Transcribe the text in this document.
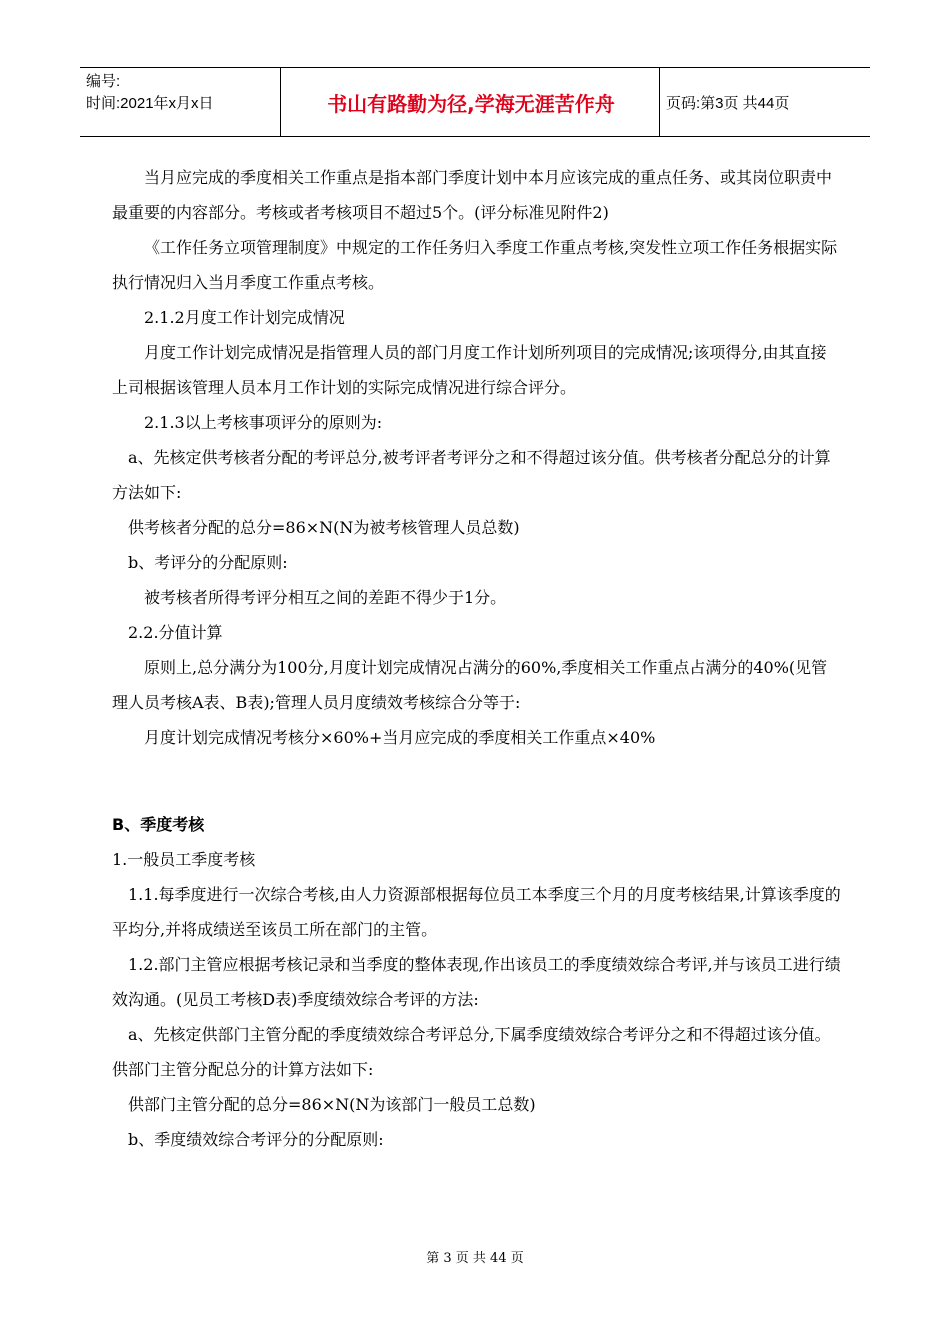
编号:
时间:2021年x月x日	书山有路勤为径,学海无涯苦作舟	页码:第3页 共44页

当月应完成的季度相关工作重点是指本部门季度计划中本月应该完成的重点任务、或其岗位职责中最重要的内容部分。考核或者考核项目不超过5个。(评分标准见附件2)

《工作任务立项管理制度》中规定的工作任务归入季度工作重点考核,突发性立项工作任务根据实际执行情况归入当月季度工作重点考核。

2.1.2月度工作计划完成情况

月度工作计划完成情况是指管理人员的部门月度工作计划所列项目的完成情况;该项得分,由其直接上司根据该管理人员本月工作计划的实际完成情况进行综合评分。

2.1.3以上考核事项评分的原则为:

a、先核定供考核者分配的考评总分,被考评者考评分之和不得超过该分值。供考核者分配总分的计算方法如下:

供考核者分配的总分=86×N(N为被考核管理人员总数)

b、考评分的分配原则:

被考核者所得考评分相互之间的差距不得少于1分。

2.2.分值计算

原则上,总分满分为100分,月度计划完成情况占满分的60%,季度相关工作重点占满分的40%(见管理人员考核A表、B表);管理人员月度绩效考核综合分等于:

月度计划完成情况考核分×60%+当月应完成的季度相关工作重点×40%

B、季度考核

1.一般员工季度考核

1.1.每季度进行一次综合考核,由人力资源部根据每位员工本季度三个月的月度考核结果,计算该季度的平均分,并将成绩送至该员工所在部门的主管。

1.2.部门主管应根据考核记录和当季度的整体表现,作出该员工的季度绩效综合考评,并与该员工进行绩效沟通。(见员工考核D表)季度绩效综合考评的方法:

a、先核定供部门主管分配的季度绩效综合考评总分,下属季度绩效综合考评分之和不得超过该分值。供部门主管分配总分的计算方法如下:

供部门主管分配的总分=86×N(N为该部门一般员工总数)

b、季度绩效综合考评分的分配原则:

第 3 页 共 44 页
